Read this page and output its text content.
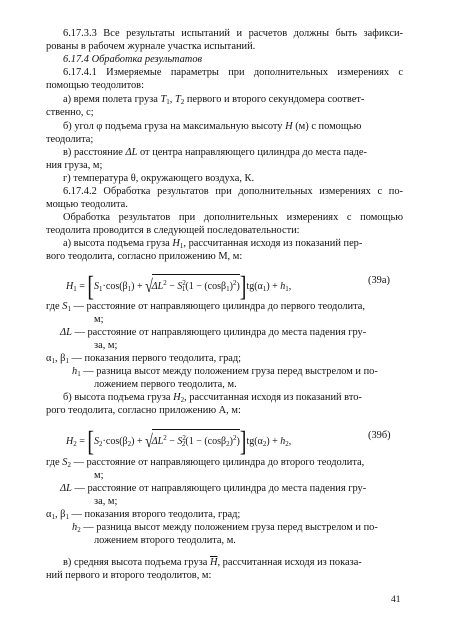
6.17.3.3 Все результаты испытаний и расчетов должны быть зафикси-
рованы в рабочем журнале участка испытаний.
6.17.4 Обработка результатов
6.17.4.1 Измеряемые параметры при дополнительных измерениях с
помощью теодолитов:
а) время полета груза $T_1$, $T_2$ первого и второго секундомера соответ-
ственно, с;
б) угол φ подъема груза на максимальную высоту H (м) с помощью
теодолита;
в) расстояние ΔL от центра направляющего цилиндра до места паде-
ния груза, м;
г) температура θ, окружающего воздуха, К.
6.17.4.2 Обработка результатов при дополнительных измерениях с по-
мощью теодолита.
Обработка результатов при дополнительных измерениях с помощью
теодолита проводится в следующей последовательности:
а) высота подъема груза $H_1$, рассчитанная исходя из показаний пер-
вого теодолита, согласно приложению М, м:
$H_1 = [S_1\cdot\cos(\beta_1) + √\Delta L^2 - S^2_1(1 - (\cos\beta_1)^2)]tg(\alpha_1) + h_1$,
(39а)
где $S_1$ — расстояние от направляющего цилиндра до первого теодолита,
м;
ΔL — расстояние от направляющего цилиндра до места падения гру-
за, м;
$\alpha_1$, $\beta_1$ — показания первого теодолита, град;
$h_1$ — разница высот между положением груза перед выстрелом и по-
ложением первого теодолита, м.
б) высота подъема груза $H_2$, рассчитанная исходя из показаний вто-
рого теодолита, согласно приложению А, м:
$H_2 = [S_2\cdot\cos(\beta_2) + √\Delta L^2 - S^2_2(1 - (\cos\beta_2)^2)]tg(\alpha_2) + h_2$,
(39б)
где $S_2$ — расстояние от направляющего цилиндра до второго теодолита,
м;
ΔL — расстояние от направляющего цилиндра до места падения гру-
за, м;
$\alpha_1$, $\beta_1$ — показания второго теодолита, град;
$h_2$ — разница высот между положением груза перед выстрелом и по-
ложением второго теодолита, м.
в) средняя высота подъема груза $\overline{H}$, рассчитанная исходя из показа-
ний первого и второго теодолитов, м:
41
